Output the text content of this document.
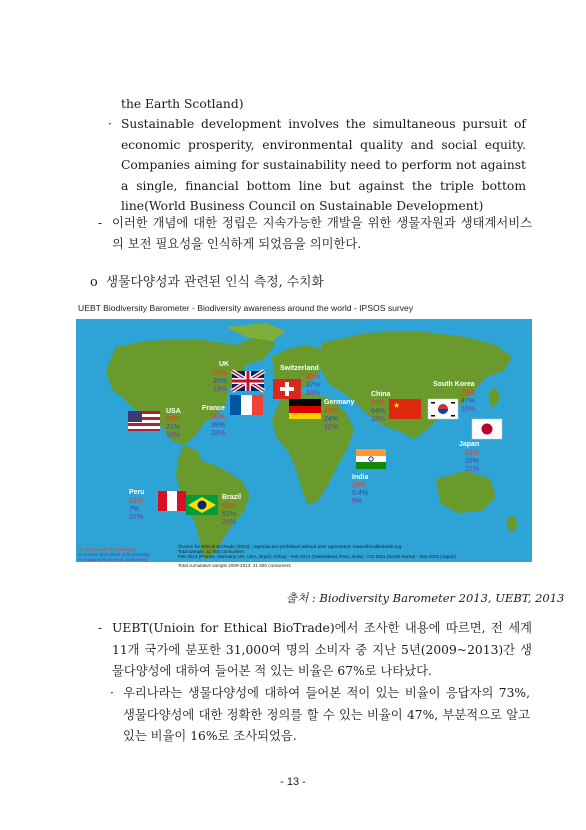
the Earth Scotland)
· Sustainable development involves the simultaneous pursuit of economic prosperity, environmental quality and social equity. Companies aiming for sustainability need to perform not against a single, financial bottom line but against the triple bottom line(World Business Council on Sustainable Development)
- 이러한 개념에 대한 정립은 지속가능한 개발을 위한 생물자원과 생태계서비스의 보전 필요성을 인식하게 되었음을 의미한다.
o 생물다양성과 관련된 인식 측정, 수치화
UEBT Biodiversity Barometer - Biodiversity awareness around the world - IPSOS survey
★
USA
64%
21%
15%
UK
64%
20%
19%
Switzerland
82%
37%
18%
France
95%
39%
28%
Germany
48%
24%
10%
China
94%
64%
22%
South Korea
73%
47%
16%
Japan
62%
29%
21%
India
19%
0.4%
9%
Peru
52%
7%
37%
Brazil
96%
51%
25%
% Have heard of biodiversity
% Correct definitions of biodiversity
% Partial definitions of biodiversity
©Union for Ethical BioTrade (2013) - reproduction prohibited without prior agreement. www.ethicalbiotrade.org
Total sample: 11 000 consumers
Feb 2013 (France, Germany, UK, USA, Brazil, China) - Feb 2012 (Switzerland, Peru, India) - Oct 2011 (South Korea) - Sep 2010 (Japan)
Total cumulative sample 2009-2013: 31 000 consumers
출처 : Biodiversity Barometer 2013, UEBT, 2013
- UEBT(Unioin for Ethical BioTrade)에서 조사한 내용에 따르면, 전 세계 11개 국가에 분포한 31,000여 명의 소비자 중 지난 5년(2009~2013)간 생물다양성에 대하여 들어본 적 있는 비율은 67%로 나타났다.
· 우리나라는 생물다양성에 대하여 들어본 적이 있는 비율이 응답자의 73%, 생물다양성에 대한 정확한 정의를 할 수 있는 비율이 47%, 부분적으로 알고 있는 비율이 16%로 조사되었음.
- 13 -
